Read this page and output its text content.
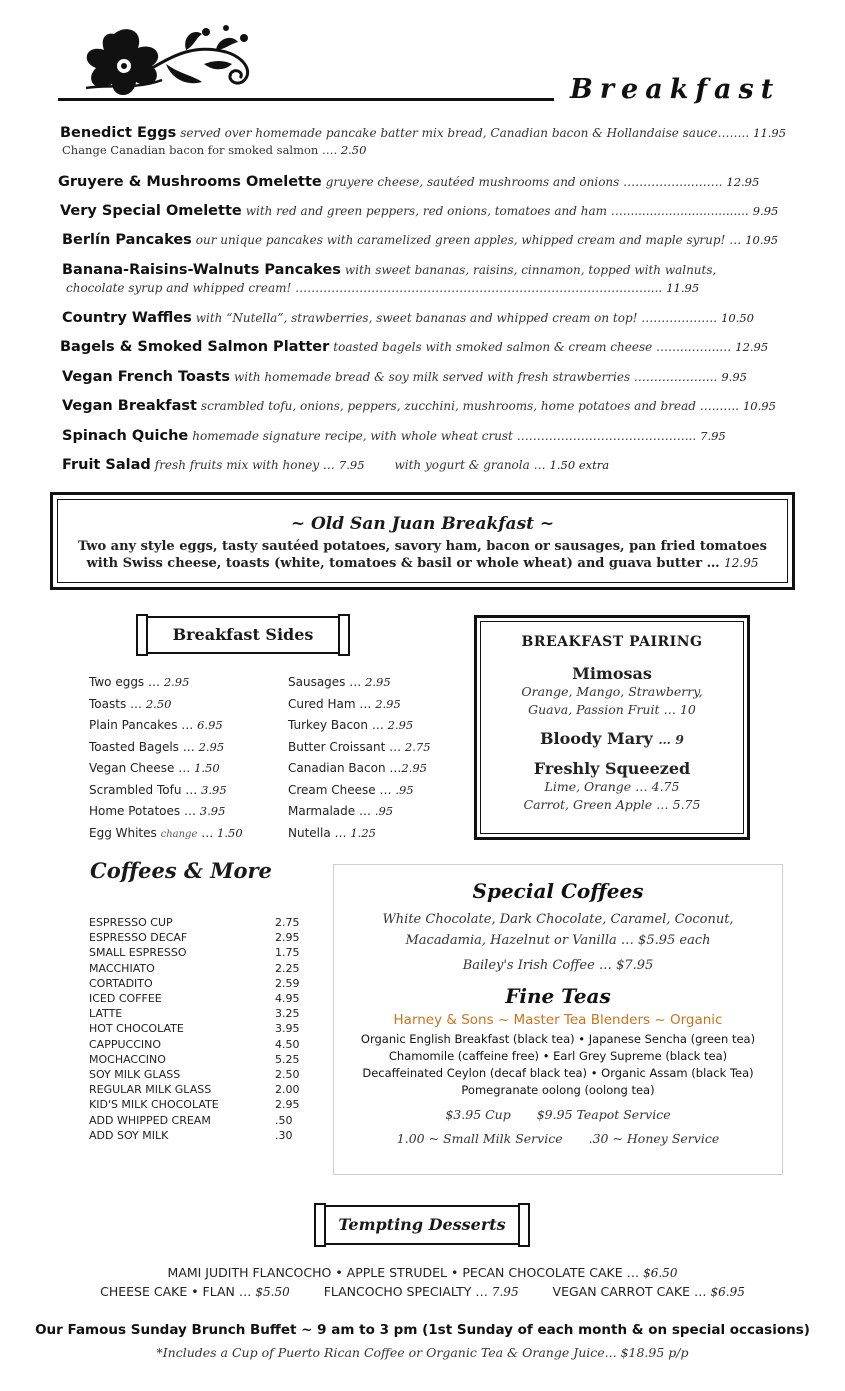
Breakfast
Benedict Eggs served over homemade pancake batter mix bread, Canadian bacon & Hollandaise sauce…….. 11.95
Change Canadian bacon for smoked salmon …. 2.50
Gruyere & Mushrooms Omelette gruyere cheese, sautéed mushrooms and onions ……………..…….. 12.95
Very Special Omelette with red and green peppers, red onions, tomatoes and ham …................................. 9.95
Berlín Pancakes our unique pancakes with caramelized green apples, whipped cream and maple syrup! … 10.95
Banana-Raisins-Walnuts Pancakes with sweet bananas, raisins, cinnamon, topped with walnuts,
chocolate syrup and whipped cream! ……………………………………………………………………….…….... 11.95
Country Waffles with “Nutella”, strawberries, sweet bananas and whipped cream on top! ………………. 10.50
Bagels & Smoked Salmon Platter toasted bagels with smoked salmon & cream cheese ……..……..… 12.95
Vegan French Toasts with homemade bread & soy milk served with fresh strawberries ………………... 9.95
Vegan Breakfast scrambled tofu, onions, peppers, zucchini, mushrooms, home potatoes and bread …..….. 10.95
Spinach Quiche homemade signature recipe, with whole wheat crust ……………………………………... 7.95
Fruit Salad fresh fruits mix with honey … 7.95 with yogurt & granola … 1.50 extra
~ Old San Juan Breakfast ~
Two any style eggs, tasty sautéed potatoes, savory ham, bacon or sausages, pan fried tomatoes
with Swiss cheese, toasts (white, tomatoes & basil or whole wheat) and guava butter … 12.95
Breakfast Sides
Two eggs … 2.95
Toasts … 2.50
Plain Pancakes … 6.95
Toasted Bagels … 2.95
Vegan Cheese … 1.50
Scrambled Tofu … 3.95
Home Potatoes … 3.95
Egg Whites change … 1.50
Sausages … 2.95
Cured Ham … 2.95
Turkey Bacon … 2.95
Butter Croissant … 2.75
Canadian Bacon …2.95
Cream Cheese … .95
Marmalade … .95
Nutella … 1.25
BREAKFAST PAIRING
Mimosas
Orange, Mango, Strawberry,
Guava, Passion Fruit … 10
Bloody Mary … 9
Freshly Squeezed
Lime, Orange … 4.75
Carrot, Green Apple … 5.75
Coffees & More
ESPRESSO CUP	2.75
ESPRESSO DECAF	2.95
SMALL ESPRESSO	1.75
MACCHIATO	2.25
CORTADITO	2.59
ICED COFFEE	4.95
LATTE	3.25
HOT CHOCOLATE	3.95
CAPPUCCINO	4.50
MOCHACCINO	5.25
SOY MILK GLASS	2.50
REGULAR MILK GLASS	2.00
KID'S MILK CHOCOLATE	2.95
ADD WHIPPED CREAM	.50
ADD SOY MILK	.30
Special Coffees
White Chocolate, Dark Chocolate, Caramel, Coconut,
Macadamia, Hazelnut or Vanilla … $5.95 each
Bailey's Irish Coffee … $7.95
Fine Teas
Harney & Sons ~ Master Tea Blenders ~ Organic
Organic English Breakfast (black tea) • Japanese Sencha (green tea)
Chamomile (caffeine free) • Earl Grey Supreme (black tea)
Decaffeinated Ceylon (decaf black tea) • Organic Assam (black Tea)
Pomegranate oolong (oolong tea)
$3.95 Cup $9.95 Teapot Service
1.00 ~ Small Milk Service .30 ~ Honey Service
Tempting Desserts
MAMI JUDITH FLANCOCHO • APPLE STRUDEL • PECAN CHOCOLATE CAKE … $6.50
CHEESE CAKE • FLAN … $5.50	FLANCOCHO SPECIALTY … 7.95	VEGAN CARROT CAKE … $6.95
Our Famous Sunday Brunch Buffet ~ 9 am to 3 pm (1st Sunday of each month & on special occasions)
*Includes a Cup of Puerto Rican Coffee or Organic Tea & Orange Juice... $18.95 p/p
